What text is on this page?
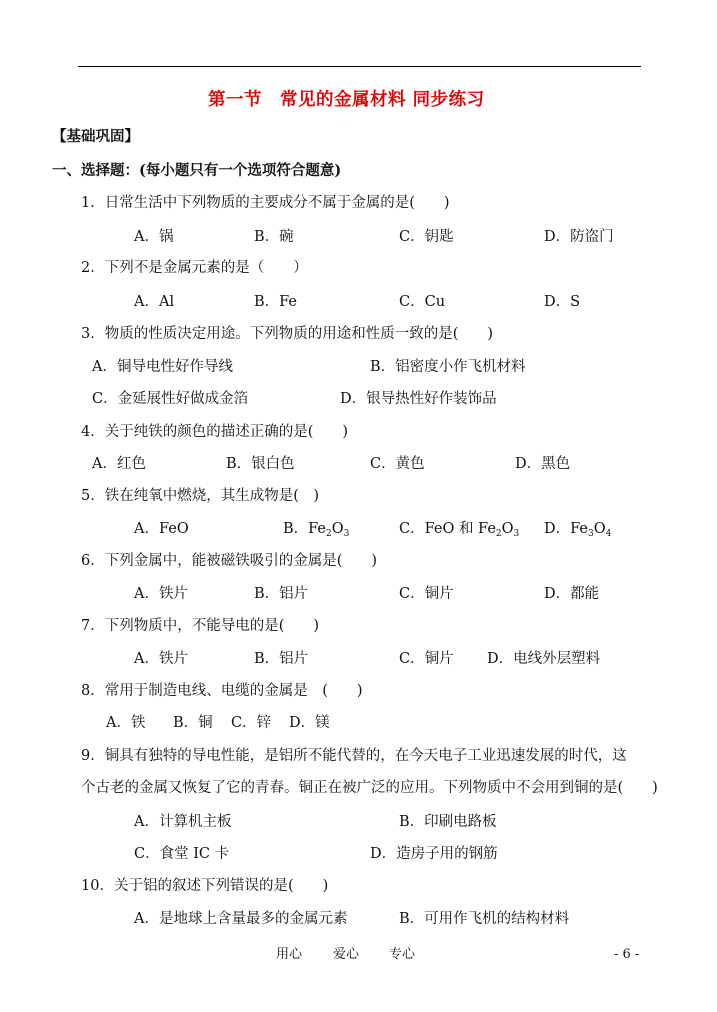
第一节　常见的金属材料 同步练习
【基础巩固】
一、选择题：(每小题只有一个选项符合题意)
1．日常生活中下列物质的主要成分不属于金属的是(　　)
A．锅	B．碗	C．钥匙	D．防盗门
2．下列不是金属元素的是（　　）
A．Al	B．Fe	C．Cu	D．S
3．物质的性质决定用途。下列物质的用途和性质一致的是(　　)
A．铜导电性好作导线	B．铝密度小作飞机材料
C．金延展性好做成金箔	D．银导热性好作装饰品
4．关于纯铁的颜色的描述正确的是(　　)
A．红色	B．银白色	C．黄色	D．黑色
5．铁在纯氧中燃烧，其生成物是(　)
A．FeO	B．$Fe_2O_3$	C．FeO 和 $Fe_2O_3$ D．$Fe_3O_4$
6．下列金属中，能被磁铁吸引的金属是(　　)
A．铁片	B．铝片	C．铜片	D．都能
7．下列物质中，不能导电的是(　　)
A．铁片	B．铝片	C．铜片 D．电线外层塑料
8．常用于制造电线、电缆的金属是　(　　)
A．铁 B．铜 C．锌 D．镁
9．铜具有独特的导电性能，是铝所不能代替的，在今天电子工业迅速发展的时代，这
个古老的金属又恢复了它的青春。铜正在被广泛的应用。下列物质中不会用到铜的是(　　)
A．计算机主板	B．印刷电路板
C．食堂 IC 卡	D．造房子用的钢筋
10．关于铝的叙述下列错误的是(　　)
A．是地球上含量最多的金属元素	B．可用作飞机的结构材料
用心 爱心 专心	- 6 -
